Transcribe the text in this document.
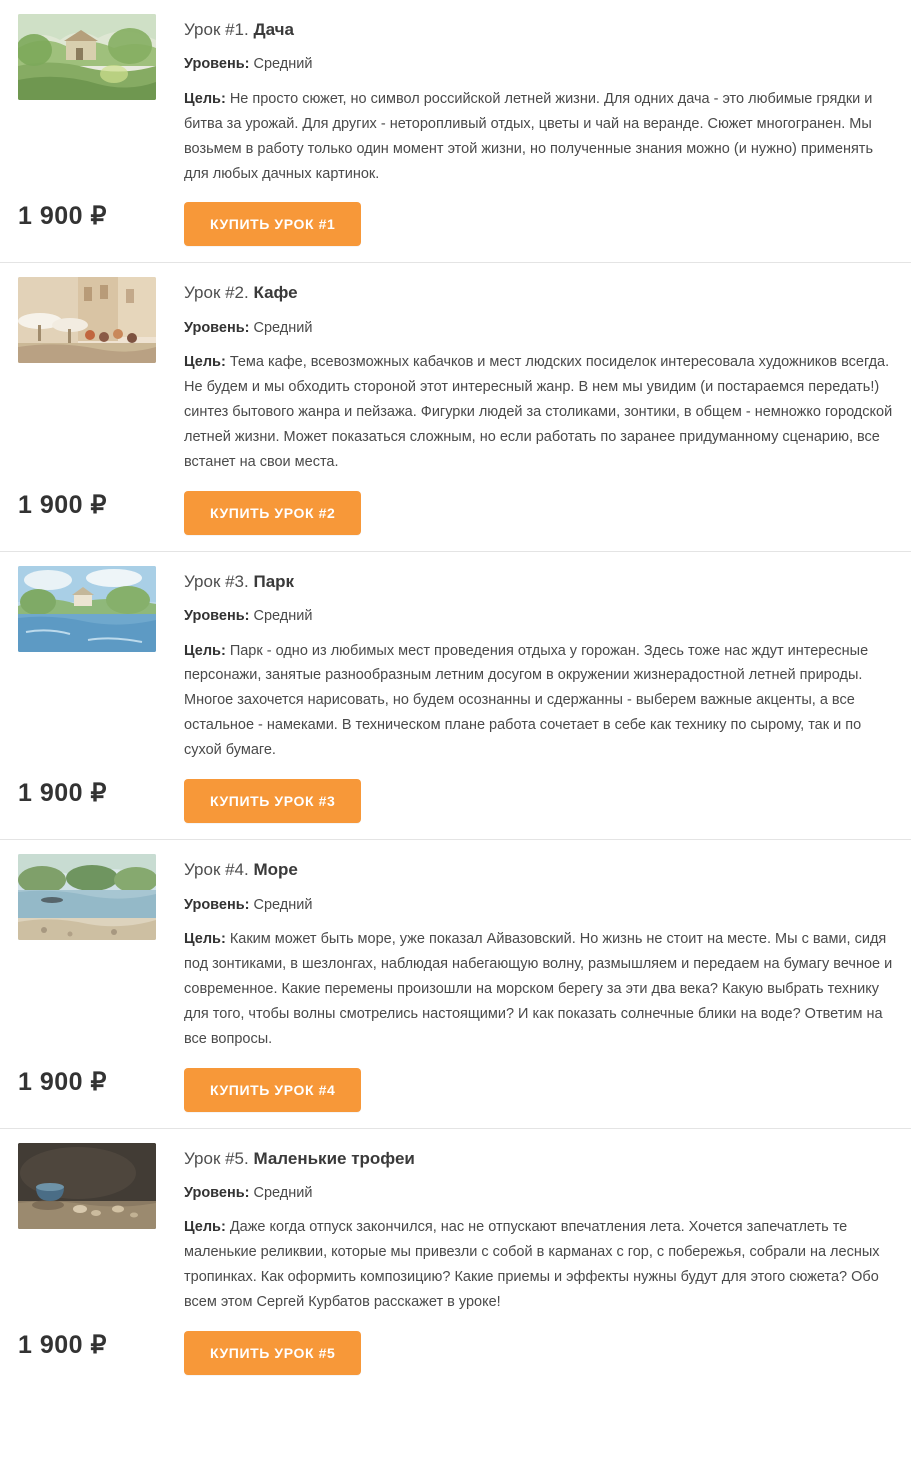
Урок #1. Дача
Уровень: Средний
Цель: Не просто сюжет, но символ российской летней жизни. Для одних дача - это любимые грядки и битва за урожай. Для других - неторопливый отдых, цветы и чай на веранде. Сюжет многогранен. Мы возьмем в работу только один момент этой жизни, но полученные знания можно (и нужно) применять для любых дачных картинок.
1 900 ₽	КУПИТЬ УРОК #1
Урок #2. Кафе
Уровень: Средний
Цель: Тема кафе, всевозможных кабачков и мест людских посиделок интересовала художников всегда. Не будем и мы обходить стороной этот интересный жанр. В нем мы увидим (и постараемся передать!) синтез бытового жанра и пейзажа. Фигурки людей за столиками, зонтики, в общем - немножко городской летней жизни. Может показаться сложным, но если работать по заранее придуманному сценарию, все встанет на свои места.
1 900 ₽	КУПИТЬ УРОК #2
Урок #3. Парк
Уровень: Средний
Цель: Парк - одно из любимых мест проведения отдыха у горожан. Здесь тоже нас ждут интересные персонажи, занятые разнообразным летним досугом в окружении жизнерадостной летней природы. Многое захочется нарисовать, но будем осознанны и сдержанны - выберем важные акценты, а все остальное - намеками. В техническом плане работа сочетает в себе как технику по сырому, так и по сухой бумаге.
1 900 ₽	КУПИТЬ УРОК #3
Урок #4. Море
Уровень: Средний
Цель: Каким может быть море, уже показал Айвазовский. Но жизнь не стоит на месте. Мы с вами, сидя под зонтиками, в шезлонгах, наблюдая набегающую волну, размышляем и передаем на бумагу вечное и современное. Какие перемены произошли на морском берегу за эти два века? Какую выбрать технику для того, чтобы волны смотрелись настоящими? И как показать солнечные блики на воде? Ответим на все вопросы.
1 900 ₽	КУПИТЬ УРОК #4
Урок #5. Маленькие трофеи
Уровень: Средний
Цель: Даже когда отпуск закончился, нас не отпускают впечатления лета. Хочется запечатлеть те маленькие реликвии, которые мы привезли с собой в карманах с гор, с побережья, собрали на лесных тропинках. Как оформить композицию? Какие приемы и эффекты нужны будут для этого сюжета? Обо всем этом Сергей Курбатов расскажет в уроке!
1 900 ₽	КУПИТЬ УРОК #5
